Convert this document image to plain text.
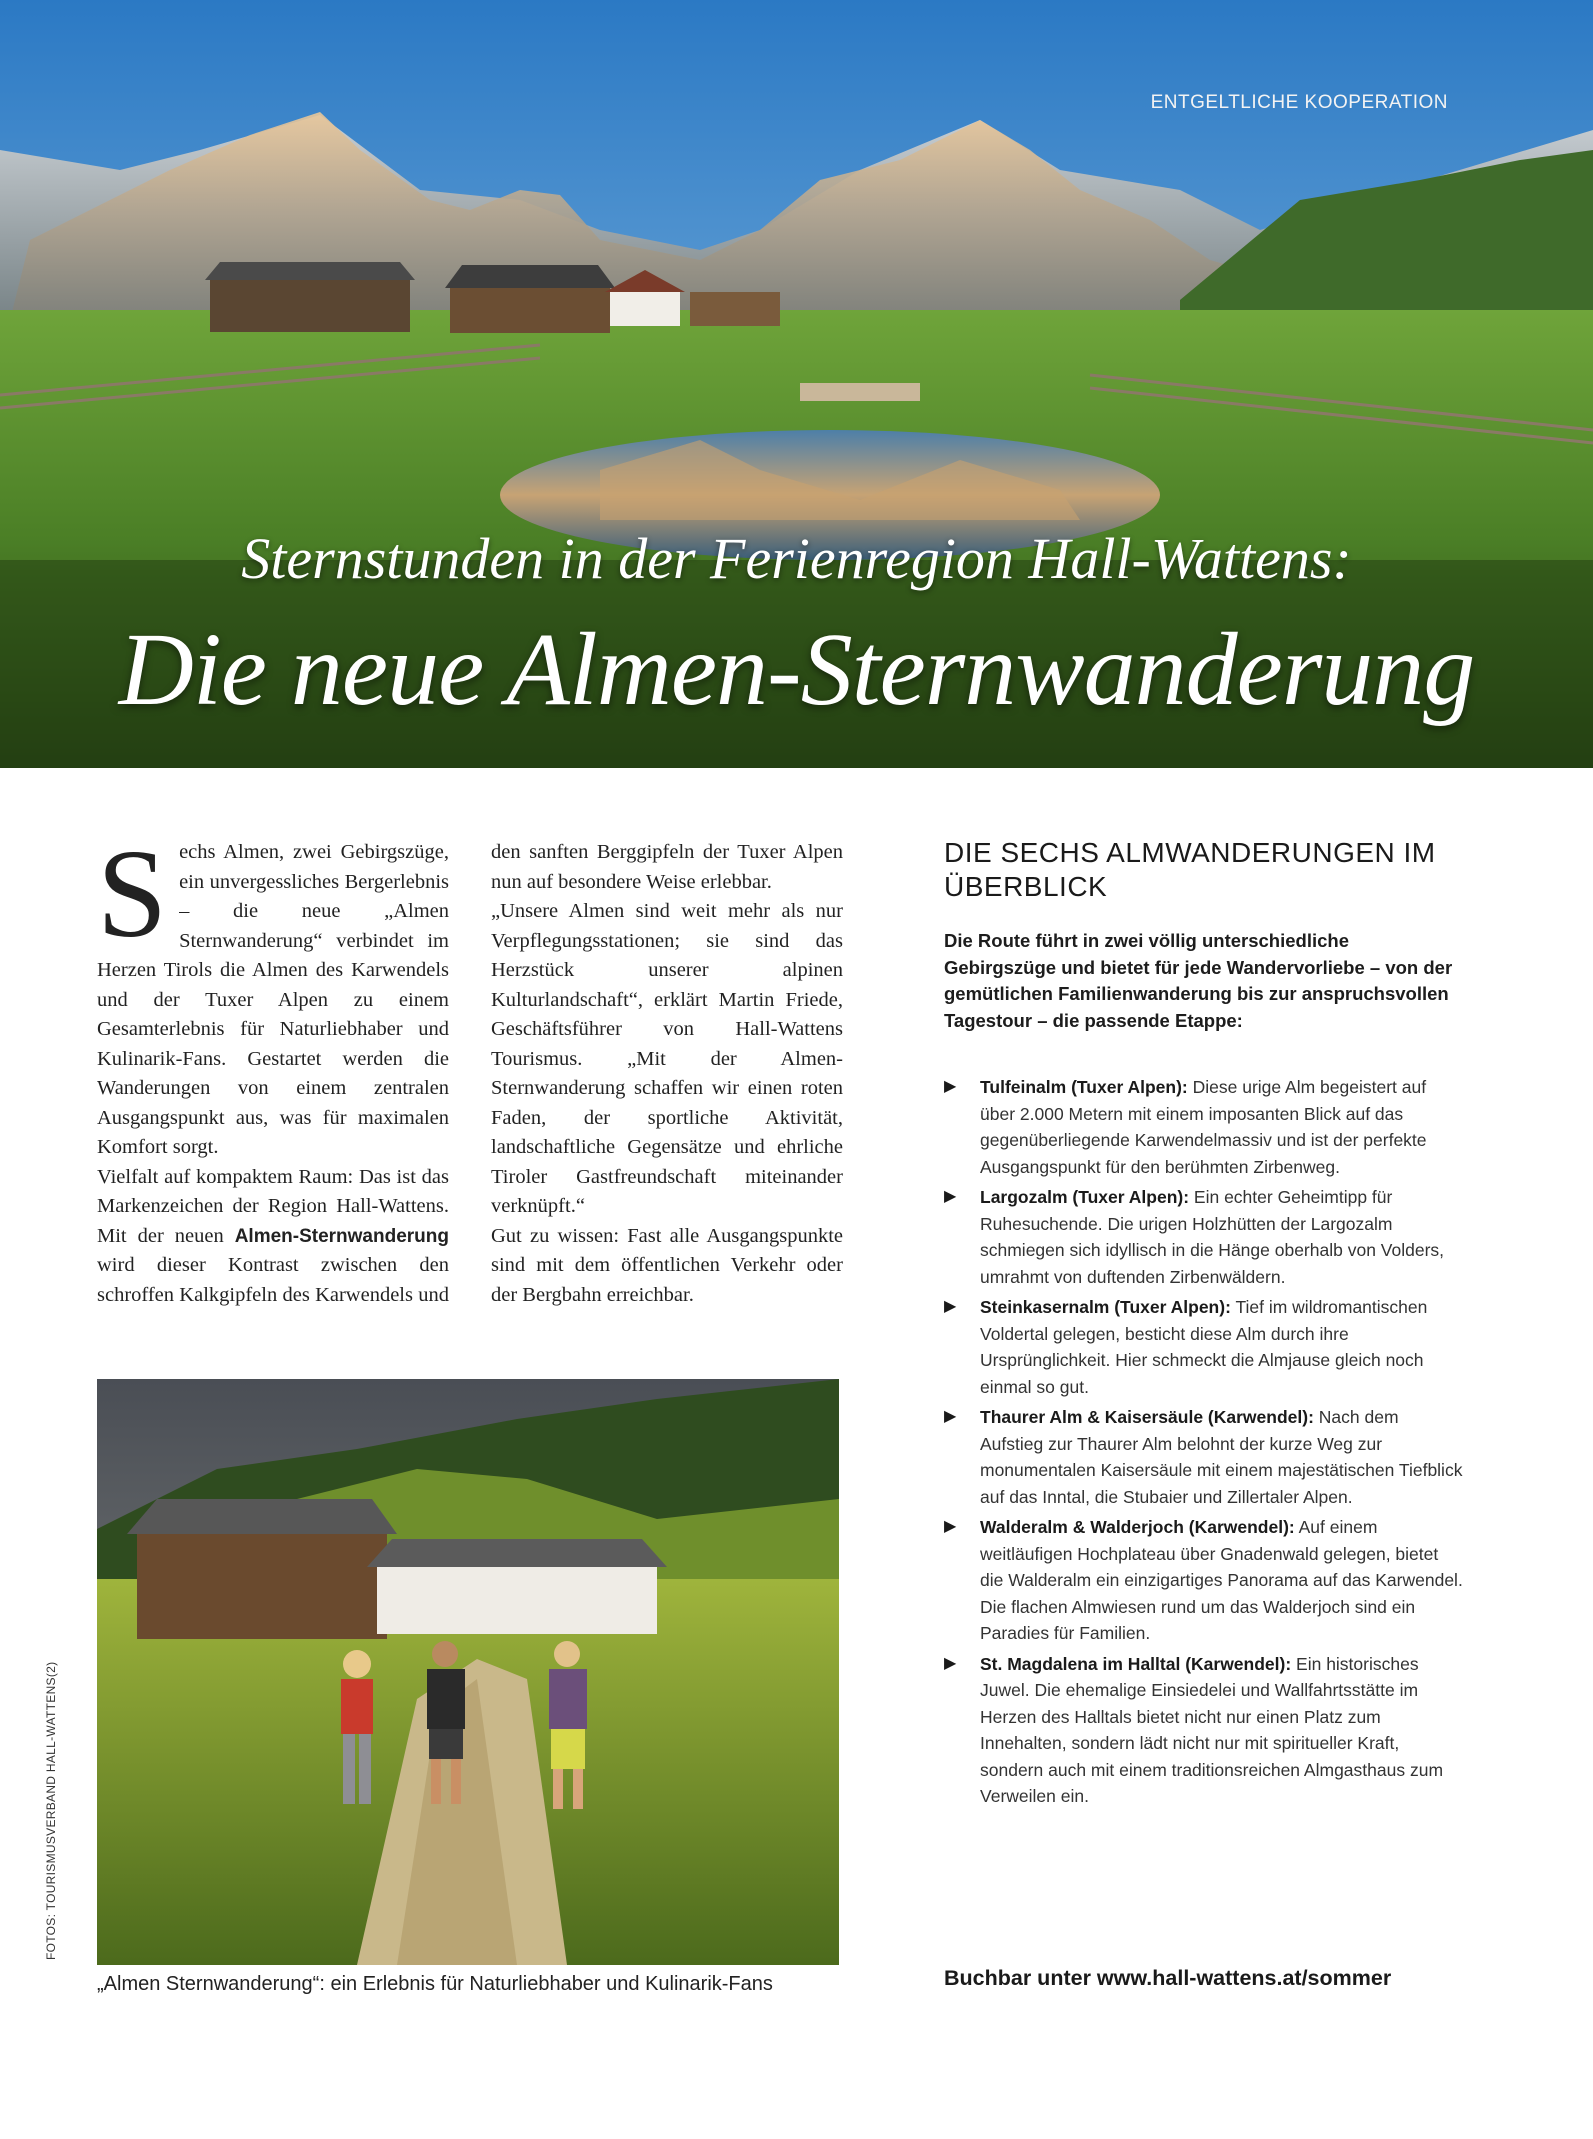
ENTGELTLICHE KOOPERATION
Sternstunden in der Ferienregion Hall-Wattens:
Die neue Almen-Sternwanderung

Sechs Almen, zwei Gebirgszüge, ein unvergessliches Bergerlebnis – die neue „Almen Sternwanderung“ verbindet im Herzen Tirols die Almen des Karwendels und der Tuxer Alpen zu einem Gesamterlebnis für Naturliebhaber und Kulinarik-Fans. Gestartet werden die Wanderungen von einem zentralen Ausgangspunkt aus, was für maximalen Komfort sorgt.

Vielfalt auf kompaktem Raum: Das ist das Markenzeichen der Region Hall-Wattens. Mit der neuen Almen-Sternwanderung wird dieser Kontrast zwischen den schroffen Kalkgipfeln des Karwendels und den sanften Berggipfeln der Tuxer Alpen nun auf besondere Weise erlebbar.

„Unsere Almen sind weit mehr als nur Verpflegungsstationen; sie sind das Herzstück unserer alpinen Kulturlandschaft“, erklärt Martin Friede, Geschäftsführer von Hall-Wattens Tourismus. „Mit der Almen-Sternwanderung schaffen wir einen roten Faden, der sportliche Aktivität, landschaftliche Gegensätze und ehrliche Tiroler Gastfreundschaft miteinander verknüpft.“

Gut zu wissen: Fast alle Ausgangspunkte sind mit dem öffentlichen Verkehr oder der Bergbahn erreichbar.

„Almen Sternwanderung“: ein Erlebnis für Naturliebhaber und Kulinarik-Fans
FOTOS: TOURISMUSVERBAND HALL-WATTENS(2)
DIE SECHS ALMWANDERUNGEN IM ÜBERBLICK
Die Route führt in zwei völlig unterschiedliche Gebirgszüge und bietet für jede Wandervorliebe – von der gemütlichen Familienwanderung bis zur anspruchsvollen Tagestour – die passende Etappe:
▶ Tulfeinalm (Tuxer Alpen): Diese urige Alm begeistert auf über 2.000 Metern mit einem imposanten Blick auf das gegenüberliegende Karwendelmassiv und ist der perfekte Ausgangspunkt für den berühmten Zirbenweg.
▶ Largozalm (Tuxer Alpen): Ein echter Geheimtipp für Ruhesuchende. Die urigen Holzhütten der Largozalm schmiegen sich idyllisch in die Hänge oberhalb von Volders, umrahmt von duftenden Zirbenwäldern.
▶ Steinkasernalm (Tuxer Alpen): Tief im wildromantischen Voldertal gelegen, besticht diese Alm durch ihre Ursprünglichkeit. Hier schmeckt die Almjause gleich noch einmal so gut.
▶ Thaurer Alm & Kaisersäule (Karwendel): Nach dem Aufstieg zur Thaurer Alm belohnt der kurze Weg zur monumentalen Kaisersäule mit einem majestätischen Tiefblick auf das Inntal, die Stubaier und Zillertaler Alpen.
▶ Walderalm & Walderjoch (Karwendel): Auf einem weitläufigen Hochplateau über Gnadenwald gelegen, bietet die Walderalm ein einzigartiges Panorama auf das Karwendel. Die flachen Almwiesen rund um das Walderjoch sind ein Paradies für Familien.
▶ St. Magdalena im Halltal (Karwendel): Ein historisches Juwel. Die ehemalige Einsiedelei und Wallfahrtsstätte im Herzen des Halltals bietet nicht nur einen Platz zum Innehalten, sondern lädt nicht nur mit spiritueller Kraft, sondern auch mit einem traditionsreichen Almgasthaus zum Verweilen ein.
Buchbar unter www.hall-wattens.at/sommer
